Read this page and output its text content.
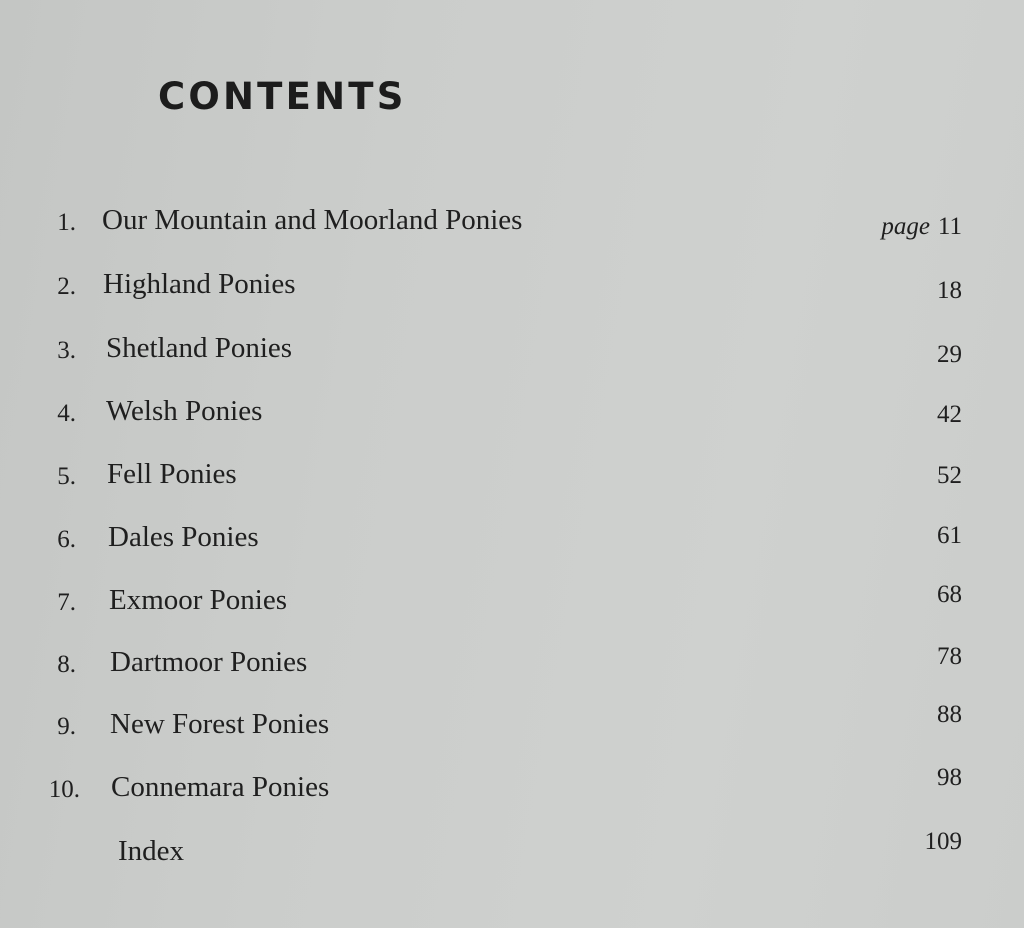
CONTENTS
1. Our Mountain and Moorland Ponies	page 11
2. Highland Ponies	18
3. Shetland Ponies	29
4. Welsh Ponies	42
5. Fell Ponies	52
6. Dales Ponies	61
7. Exmoor Ponies	68
8. Dartmoor Ponies	78
9. New Forest Ponies	88
10. Connemara Ponies	98
Index	109
